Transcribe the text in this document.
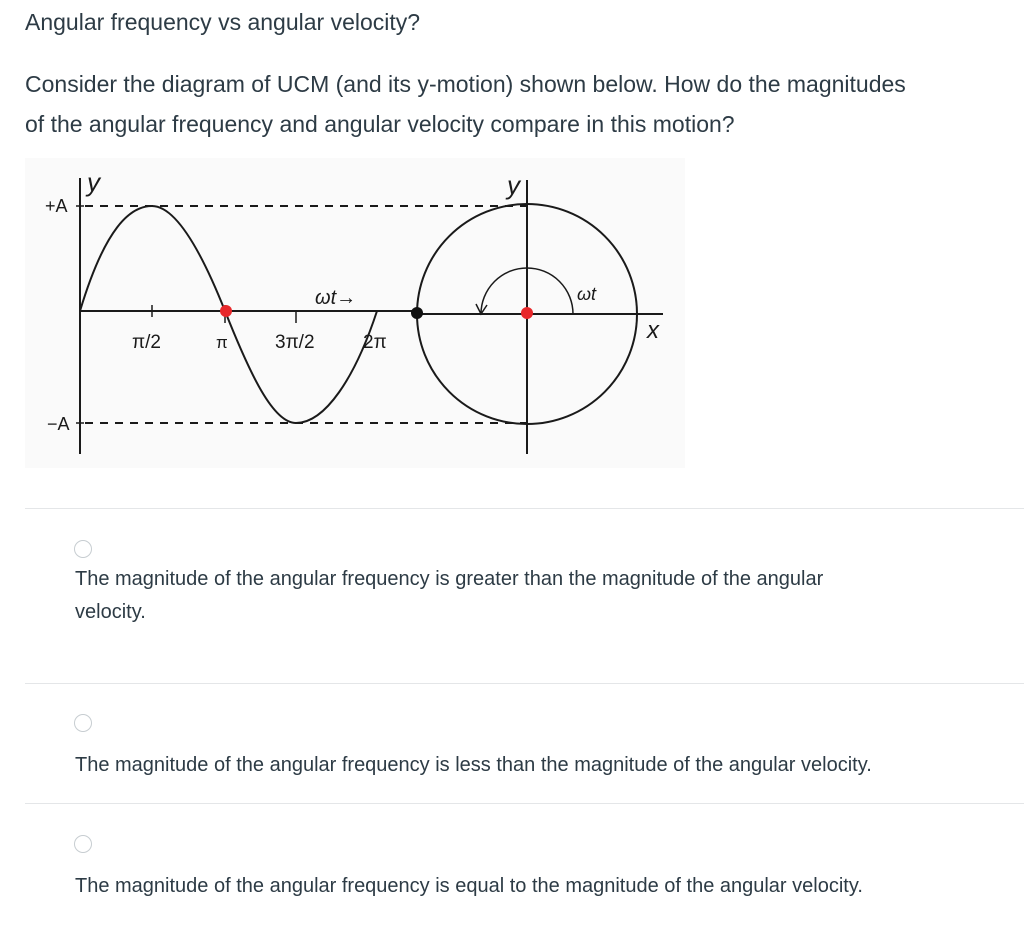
Angular frequency vs angular velocity?
Consider the diagram of UCM (and its y-motion) shown below. How do the magnitudes
of the angular frequency and angular velocity compare in this motion?
y
+A
−A
π/2	π 3π/2	2π
ωt→
y
ωt
x
The magnitude of the angular frequency is greater than the magnitude of the angular
velocity.
The magnitude of the angular frequency is less than the magnitude of the angular velocity.
The magnitude of the angular frequency is equal to the magnitude of the angular velocity.
